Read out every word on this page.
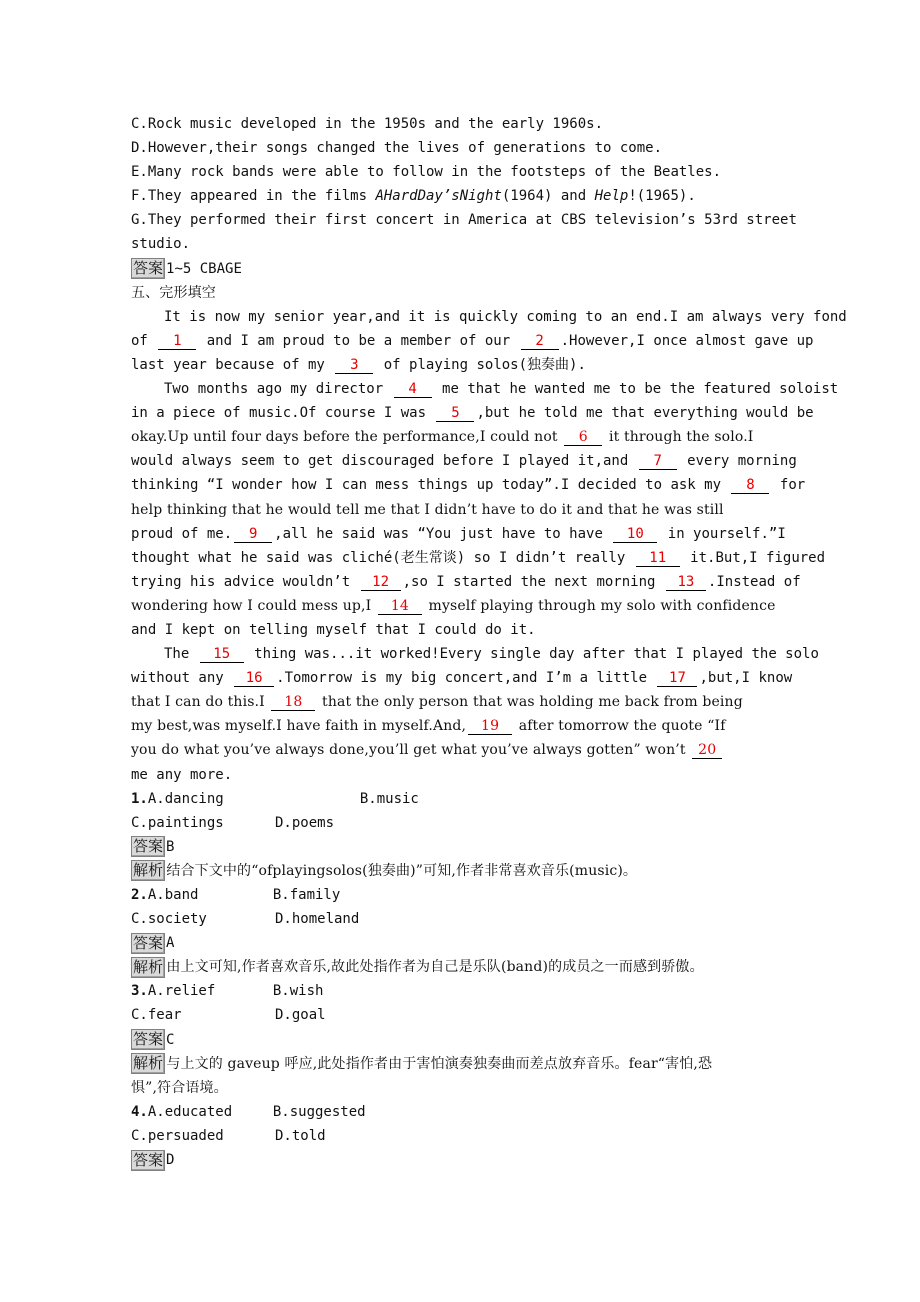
C.Rock music developed in the 1950s and the early 1960s.
D.However,their songs changed the lives of generations to come.
E.Many rock bands were able to follow in the footsteps of the Beatles.
F.They appeared in the films AHardDay’sNight(1964) and Help!(1965).
G.They performed their first concert in America at CBS television’s 53rd street
studio.
答案 1~5 CBAGE
五、完形填空
It is now my senior year,and it is quickly coming to an end.I am always very fond
of 1 and I am proud to be a member of our 2 .However,I once almost gave up
last year because of my 3 of playing solos(独奏曲).
Two months ago my director 4 me that he wanted me to be the featured soloist
in a piece of music.Of course I was 5 ,but he told me that everything would be
okay.Up until four days before the performance,I could not 6 it through the solo.I
would always seem to get discouraged before I played it,and 7 every morning
thinking “I wonder how I can mess things up today”.I decided to ask my 8 for
help thinking that he would tell me that I didn’t have to do it and that he was still
proud of me. 9 ,all he said was “You just have to have 10 in yourself.”I
thought what he said was cliché(老生常谈) so I didn’t really 11 it.But,I figured
trying his advice wouldn’t 12 ,so I started the next morning 13 .Instead of
wondering how I could mess up,I 14 myself playing through my solo with confidence
and I kept on telling myself that I could do it.
The 15 thing was...it worked!Every single day after that I played the solo
without any 16 .Tomorrow is my big concert,and I’m a little 17 ,but,I know
that I can do this.I 18 that the only person that was holding me back from being
my best,was myself.I have faith in myself.And, 19 after tomorrow the quote “If
you do what you’ve always done,you’ll get what you’ve always gotten” won’t 20
me any more.
1.A.dancing	B.music
C.paintings	D.poems
答案 B
解析 结合下文中的“ofplayingsolos(独奏曲)”可知,作者非常喜欢音乐(music)。
2.A.band	B.family
C.society	D.homeland
答案 A
解析 由上文可知,作者喜欢音乐,故此处指作者为自己是乐队(band)的成员之一而感到骄傲。
3.A.relief	B.wish
C.fear	D.goal
答案 C
解析 与上文的 gaveup 呼应,此处指作者由于害怕演奏独奏曲而差点放弃音乐。fear“害怕,恐
惧”,符合语境。
4.A.educated	B.suggested
C.persuaded	D.told
答案 D
